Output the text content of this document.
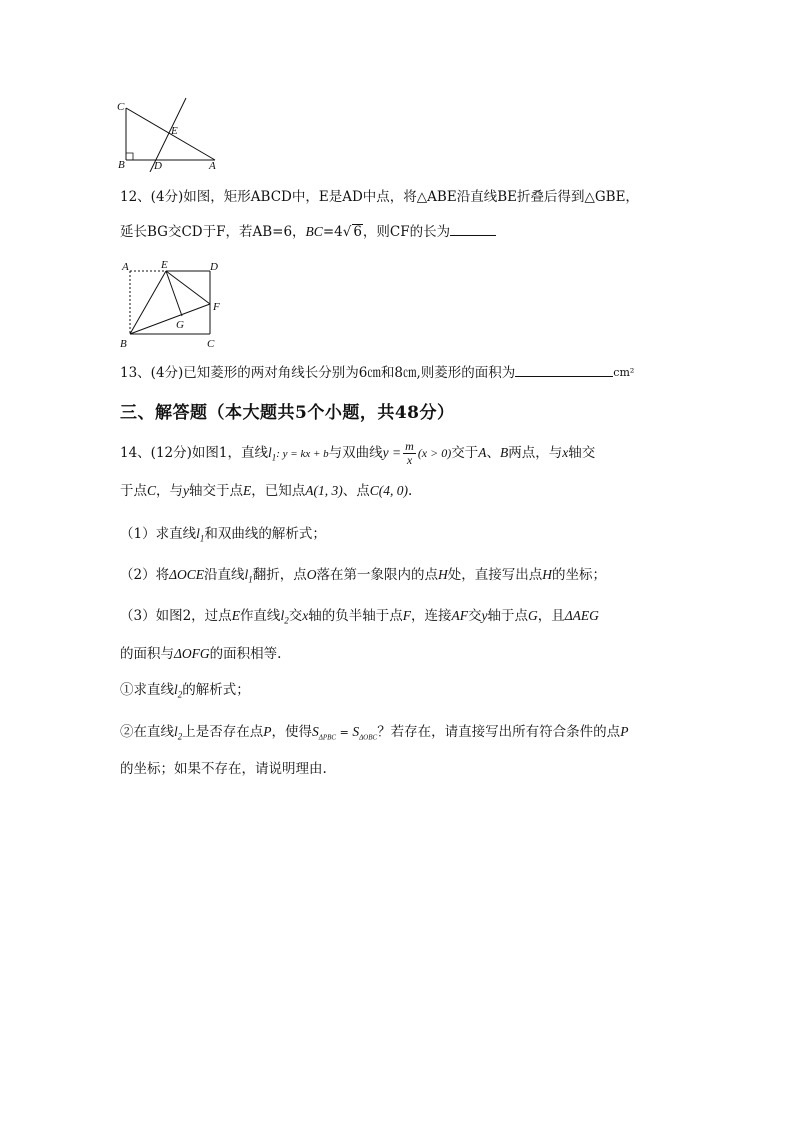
C
E
B	D	A
12、(4分)如图，矩形ABCD中，E是AD中点，将△ABE沿直线BE折叠后得到△GBE，
延长BG交CD于F，若AB=6，BC=4√ 6，则CF的长为
A	E	D
F
G
B	C
13、(4分)已知菱形的两对角线长分别为6㎝和8㎝,则菱形的面积为	$^{cm^2}$
三、解答题（本大题共5个小题，共48分）
14、(12分)如图1，直线$l_1$: y = kx + b与双曲线$y = \frac{m}{x} (x > 0)$交于A、B两点，与x轴交
于点C，与y轴交于点E，已知点A(1, 3)、点C(4, 0).
（1）求直线$l_1$和双曲线的解析式；
（2）将ΔOCE沿直线$l_1$翻折，点O落在第一象限内的点H处，直接写出点H的坐标；
（3）如图2，过点E作直线$l_2$交x轴的负半轴于点F，连接AF交y轴于点G，且ΔAEG
的面积与ΔOFG的面积相等.
①求直线$l_2$的解析式；
②在直线$l_2$上是否存在点P，使得$S_{\Delta PBC} = S_{\Delta OBC}$？若存在，请直接写出所有符合条件的点P
的坐标；如果不存在，请说明理由.
